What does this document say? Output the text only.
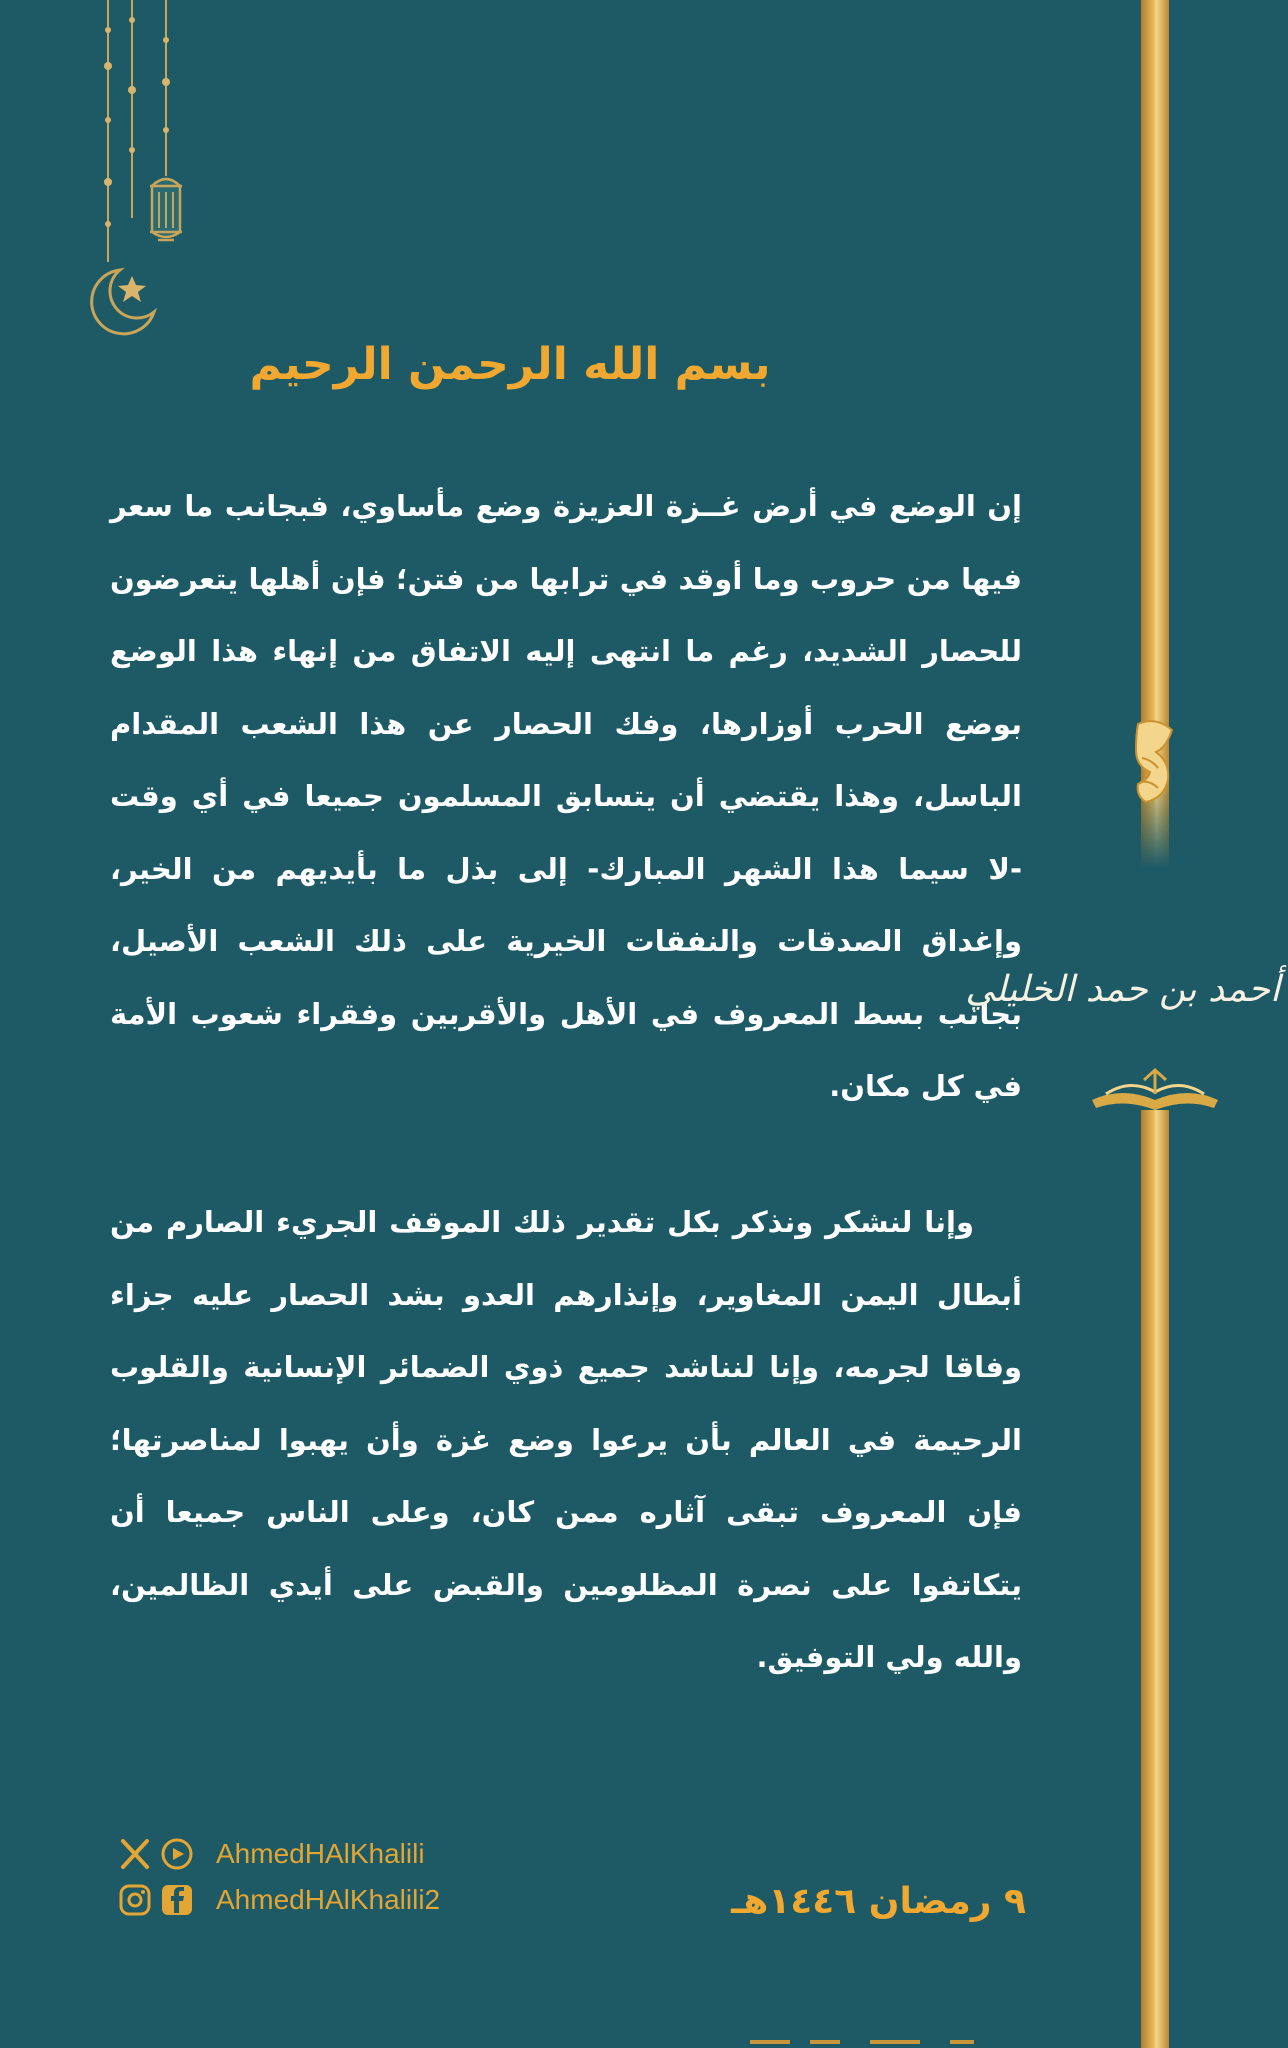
بسم الله الرحمن الرحيم

إن الوضع في أرض غــزة العزيزة وضع مأساوي، فبجانب ما سعر فيها من حروب وما أوقد في ترابها من فتن؛ فإن أهلها يتعرضون للحصار الشديد، رغم ما انتهى إليه الاتفاق من إنهاء هذا الوضع بوضع الحرب أوزارها، وفك الحصار عن هذا الشعب المقدام الباسل، وهذا يقتضي أن يتسابق المسلمون جميعا في أي وقت -لا سيما هذا الشهر المبارك- إلى بذل ما بأيديهم من الخير، وإغداق الصدقات والنفقات الخيرية على ذلك الشعب الأصيل، بجانب بسط المعروف في الأهل والأقربين وفقراء شعوب الأمة في كل مكان.

وإنا لنشكر ونذكر بكل تقدير ذلك الموقف الجريء الصارم من أبطال اليمن المغاوير، وإنذارهم العدو بشد الحصار عليه جزاء وفاقا لجرمه، وإنا لنناشد جميع ذوي الضمائر الإنسانية والقلوب الرحيمة في العالم بأن يرعوا وضع غزة وأن يهبوا لمناصرتها؛ فإن المعروف تبقى آثاره ممن كان، وعلى الناس جميعا أن يتكاتفوا على نصرة المظلومين والقبض على أيدي الظالمين، والله ولي التوفيق.

أحمد بن حمد الخليلي
٩ رمضان ١٤٤٦هـ
AhmedHAlKhalili
AhmedHAlKhalili2
